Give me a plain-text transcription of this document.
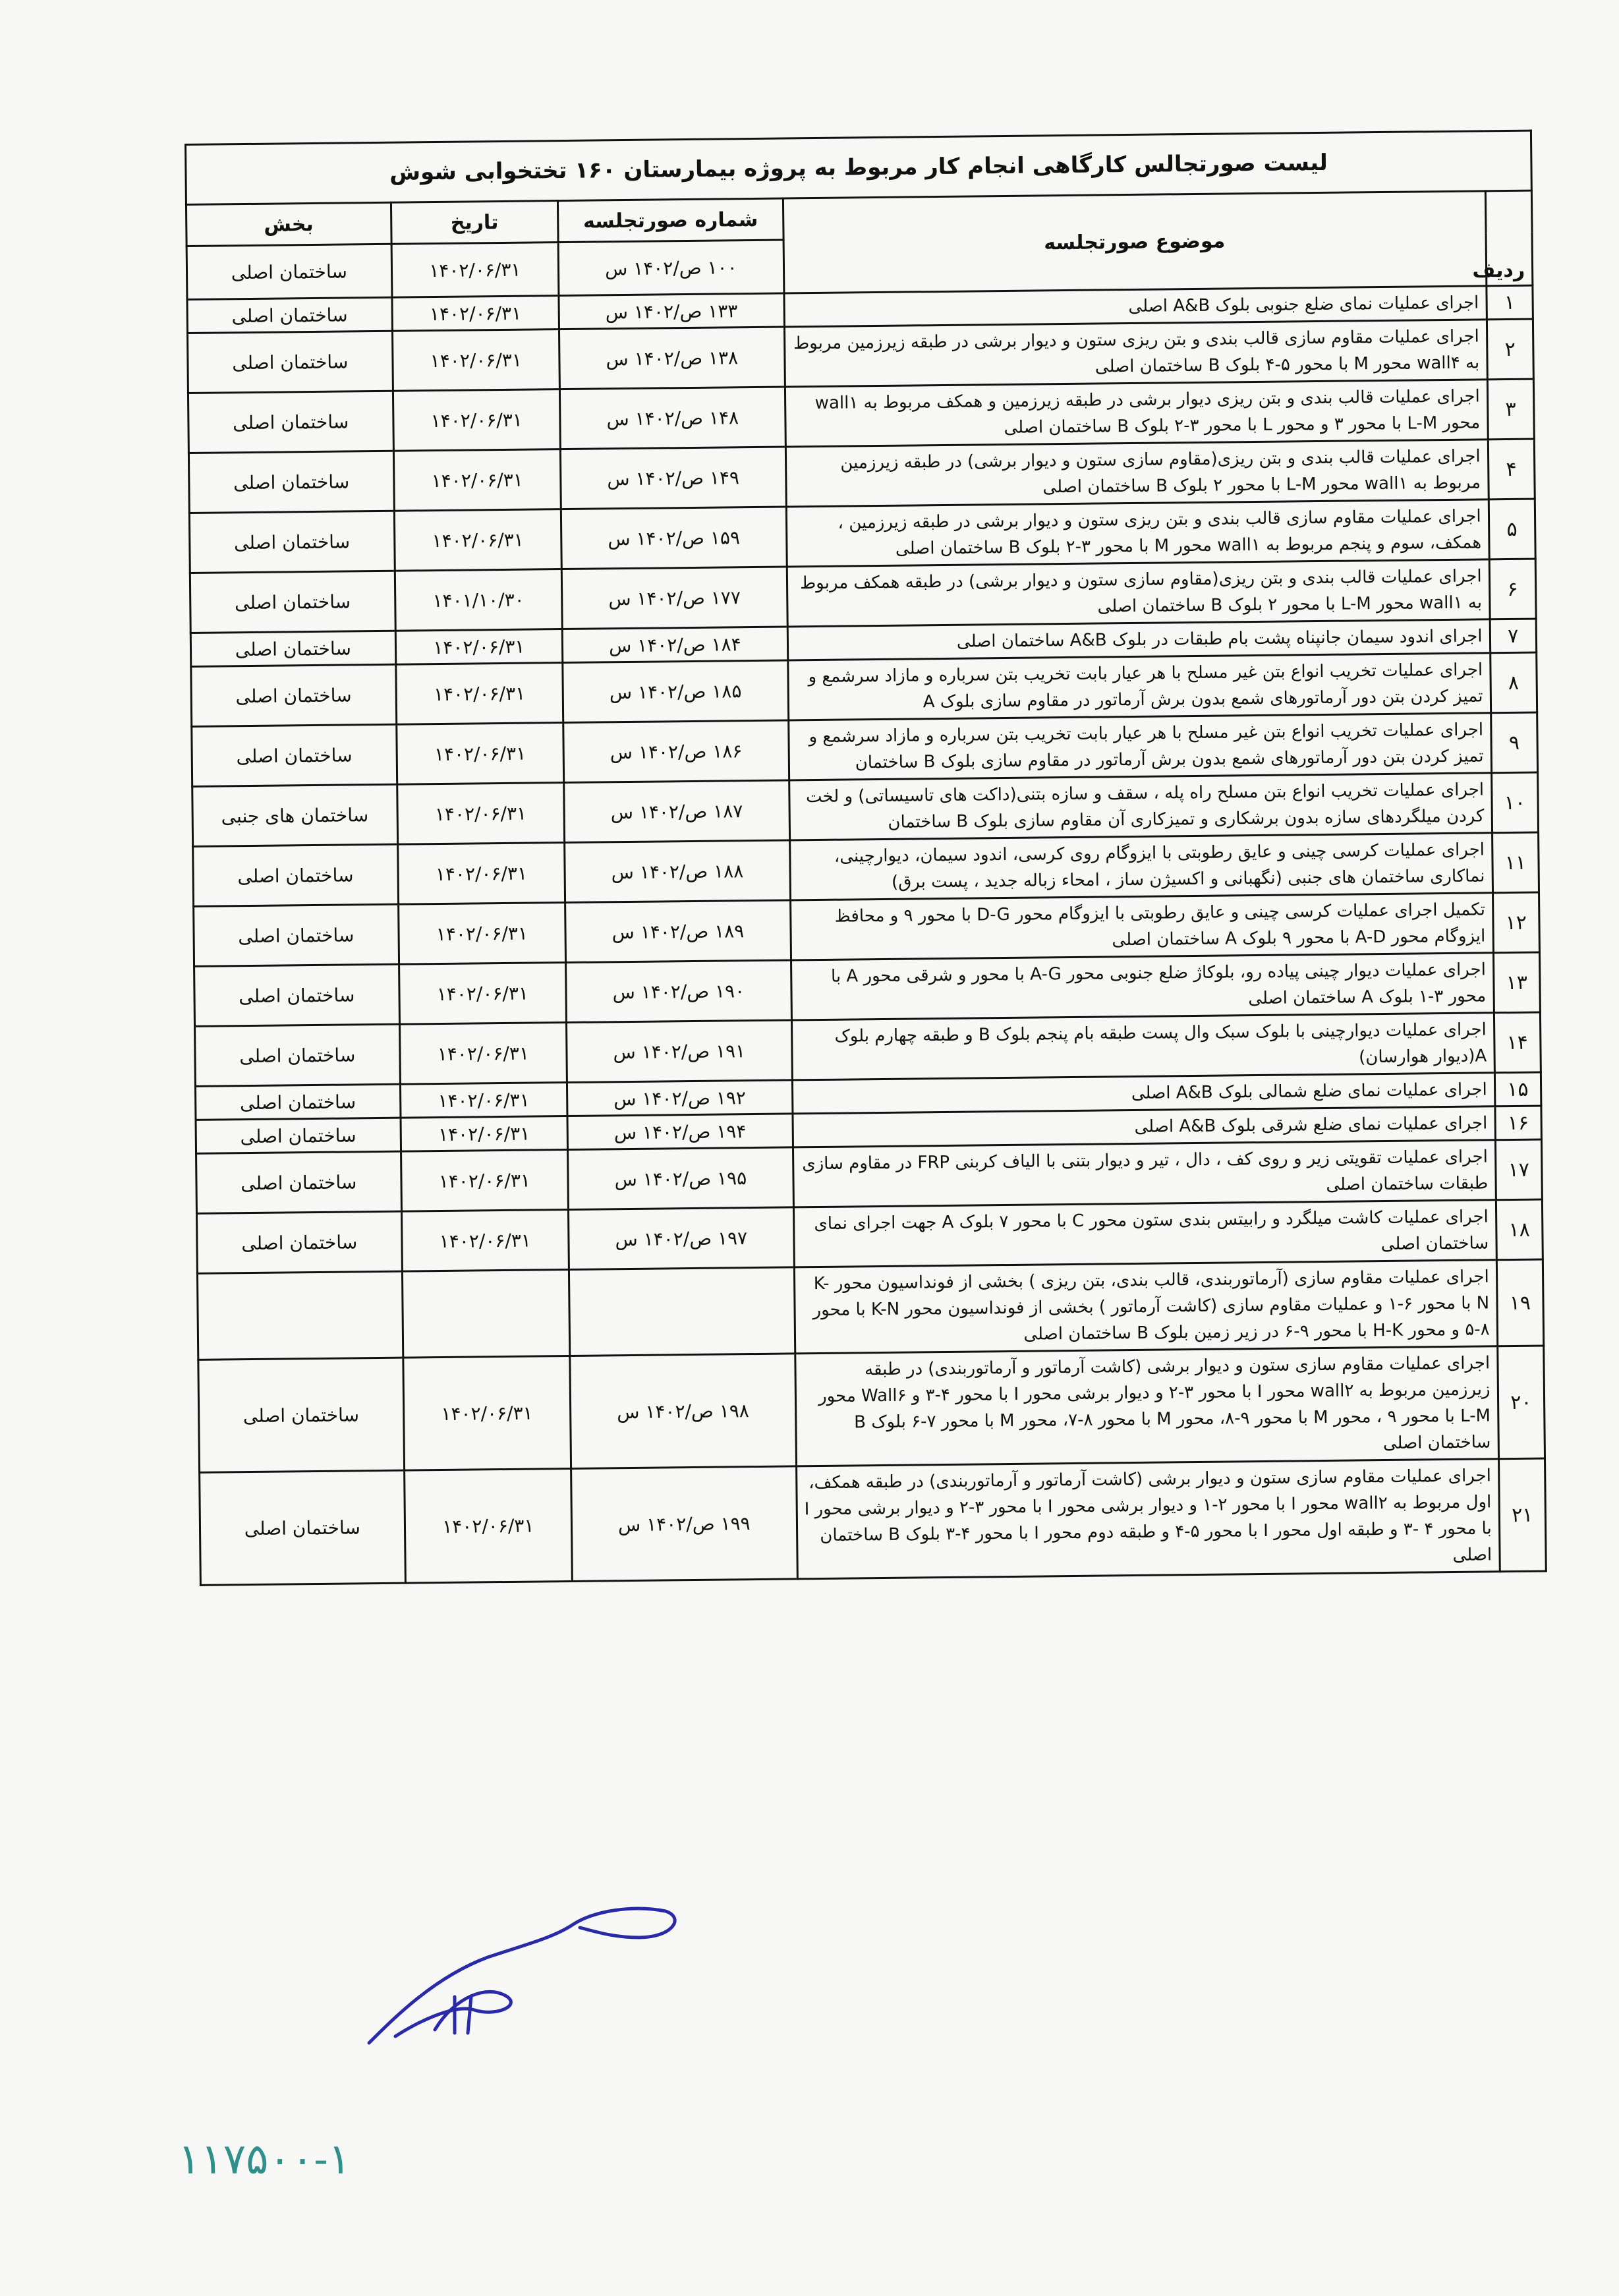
لیست صورتجالس کارگاهی انجام کار مربوط به پروژه بیمارستان ۱۶۰ تختخوابی شوش				
ردیف	موضوع صورتجلسه	شماره صورتجلسه	تاریخ	بخش
		۱۰۰ ص/۱۴۰۲ س	۱۴۰۲/۰۶/۳۱	ساختمان اصلی
۱	اجرای عملیات نمای ضلع جنوبی بلوک A&B اصلی	۱۳۳ ص/۱۴۰۲ س	۱۴۰۲/۰۶/۳۱	ساختمان اصلی
۲	اجرای عملیات مقاوم سازی قالب بندی و بتن ریزی ستون و دیوار برشی در طبقه زیرزمین مربوط به wall۴ محور M با محور ۵-۴ بلوک B ساختمان اصلی	۱۳۸ ص/۱۴۰۲ س	۱۴۰۲/۰۶/۳۱	ساختمان اصلی
۳	اجرای عملیات قالب بندی و بتن ریزی دیوار برشی در طبقه زیرزمین و همکف مربوط به wall۱ محور L-M با محور ۳ و محور L با محور ۳-۲ بلوک B ساختمان اصلی	۱۴۸ ص/۱۴۰۲ س	۱۴۰۲/۰۶/۳۱	ساختمان اصلی
۴	اجرای عملیات قالب بندی و بتن ریزی(مقاوم سازی ستون و دیوار برشی) در طبقه زیرزمین مربوط به wall۱ محور L-M با محور ۲ بلوک B ساختمان اصلی	۱۴۹ ص/۱۴۰۲ س	۱۴۰۲/۰۶/۳۱	ساختمان اصلی
۵	اجرای عملیات مقاوم سازی قالب بندی و بتن ریزی ستون و دیوار برشی در طبقه زیرزمین ، همکف، سوم و پنجم مربوط به wall۱ محور M با محور ۳-۲ بلوک B ساختمان اصلی	۱۵۹ ص/۱۴۰۲ س	۱۴۰۲/۰۶/۳۱	ساختمان اصلی
۶	اجرای عملیات قالب بندی و بتن ریزی(مقاوم سازی ستون و دیوار برشی) در طبقه همکف مربوط به wall۱ محور L-M با محور ۲ بلوک B ساختمان اصلی	۱۷۷ ص/۱۴۰۲ س	۱۴۰۱/۱۰/۳۰	ساختمان اصلی
۷	اجرای اندود سیمان جانپناه پشت بام طبقات در بلوک A&B ساختمان اصلی	۱۸۴ ص/۱۴۰۲ س	۱۴۰۲/۰۶/۳۱	ساختمان اصلی
۸	اجرای عملیات تخریب انواع بتن غیر مسلح با هر عیار بابت تخریب بتن سرباره و مازاد سرشمع و تمیز کردن بتن دور آرماتورهای شمع بدون برش آرماتور در مقاوم سازی بلوک A	۱۸۵ ص/۱۴۰۲ س	۱۴۰۲/۰۶/۳۱	ساختمان اصلی
۹	اجرای عملیات تخریب انواع بتن غیر مسلح با هر عیار بابت تخریب بتن سرباره و مازاد سرشمع و تمیز کردن بتن دور آرماتورهای شمع بدون برش آرماتور در مقاوم سازی بلوک B ساختمان	۱۸۶ ص/۱۴۰۲ س	۱۴۰۲/۰۶/۳۱	ساختمان اصلی
۱۰	اجرای عملیات تخریب انواع بتن مسلح راه پله ، سقف و سازه بتنی(داکت های تاسیساتی) و لخت کردن میلگردهای سازه بدون برشکاری و تمیزکاری آن مقاوم سازی بلوک B ساختمان	۱۸۷ ص/۱۴۰۲ س	۱۴۰۲/۰۶/۳۱	ساختمان های جنبی
۱۱	اجرای عملیات کرسی چینی و عایق رطوبتی با ایزوگام روی کرسی، اندود سیمان، دیوارچینی، نماکاری ساختمان های جنبی (نگهبانی و اکسیژن ساز ، امحاء زباله جدید ، پست برق)	۱۸۸ ص/۱۴۰۲ س	۱۴۰۲/۰۶/۳۱	ساختمان اصلی
۱۲	تکمیل اجرای عملیات کرسی چینی و عایق رطوبتی با ایزوگام محور D-G با محور ۹ و محافظ ایزوگام محور A-D با محور ۹ بلوک A ساختمان اصلی	۱۸۹ ص/۱۴۰۲ س	۱۴۰۲/۰۶/۳۱	ساختمان اصلی
۱۳	اجرای عملیات دیوار چینی پیاده رو، بلوکاژ ضلع جنوبی محور A-G با محور و شرقی محور A با محور ۳-۱ بلوک A ساختمان اصلی	۱۹۰ ص/۱۴۰۲ س	۱۴۰۲/۰۶/۳۱	ساختمان اصلی
۱۴	اجرای عملیات دیوارچینی با بلوک سبک وال پست طبقه بام پنجم بلوک B و طبقه چهارم بلوک A(دیوار هوارسان)	۱۹۱ ص/۱۴۰۲ س	۱۴۰۲/۰۶/۳۱	ساختمان اصلی
۱۵	اجرای عملیات نمای ضلع شمالی بلوک A&B اصلی	۱۹۲ ص/۱۴۰۲ س	۱۴۰۲/۰۶/۳۱	ساختمان اصلی
۱۶	اجرای عملیات نمای ضلع شرقی بلوک A&B اصلی	۱۹۴ ص/۱۴۰۲ س	۱۴۰۲/۰۶/۳۱	ساختمان اصلی
۱۷	اجرای عملیات تقویتی زیر و روی کف ، دال ، تیر و دیوار بتنی با الیاف کربنی FRP در مقاوم سازی طبقات ساختمان اصلی	۱۹۵ ص/۱۴۰۲ س	۱۴۰۲/۰۶/۳۱	ساختمان اصلی
۱۸	اجرای عملیات کاشت میلگرد و رابیتس بندی ستون محور C با محور ۷ بلوک A جهت اجرای نمای ساختمان اصلی	۱۹۷ ص/۱۴۰۲ س	۱۴۰۲/۰۶/۳۱	ساختمان اصلی
۱۹	اجرای عملیات مقاوم سازی (آرماتوربندی، قالب بندی، بتن ریزی ) بخشی از فونداسیون محور K-N با محور ۶-۱ و عملیات مقاوم سازی (کاشت آرماتور ) بخشی از فونداسیون محور K-N با محور ۸-۵ و محور H-K با محور ۹-۶ در زیر زمین بلوک B ساختمان اصلی			
۲۰	اجرای عملیات مقاوم سازی ستون و دیوار برشی (کاشت آرماتور و آرماتوربندی) در طبقه زیرزمین مربوط به wall۲ محور I با محور ۳-۲ و دیوار برشی محور I با محور ۴-۳ و Wall۶ محور L-M با محور ۹ ، محور M با محور ۹-۸، محور M با محور ۸-۷، محور M با محور ۷-۶ بلوک B ساختمان اصلی	۱۹۸ ص/۱۴۰۲ س	۱۴۰۲/۰۶/۳۱	ساختمان اصلی
۲۱	اجرای عملیات مقاوم سازی ستون و دیوار برشی (کاشت آرماتور و آرماتوربندی) در طبقه همکف، اول مربوط به wall۲ محور I با محور ۲-۱ و دیوار برشی محور I با محور ۳-۲ و دیوار برشی محور I با محور ۴ -۳ و طبقه اول محور I با محور ۵-۴ و طبقه دوم محور I با محور ۴-۳ بلوک B ساختمان اصلی	۱۹۹ ص/۱۴۰۲ س	۱۴۰۲/۰۶/۳۱	ساختمان اصلی
۱۱۷۵۰۰-۱
